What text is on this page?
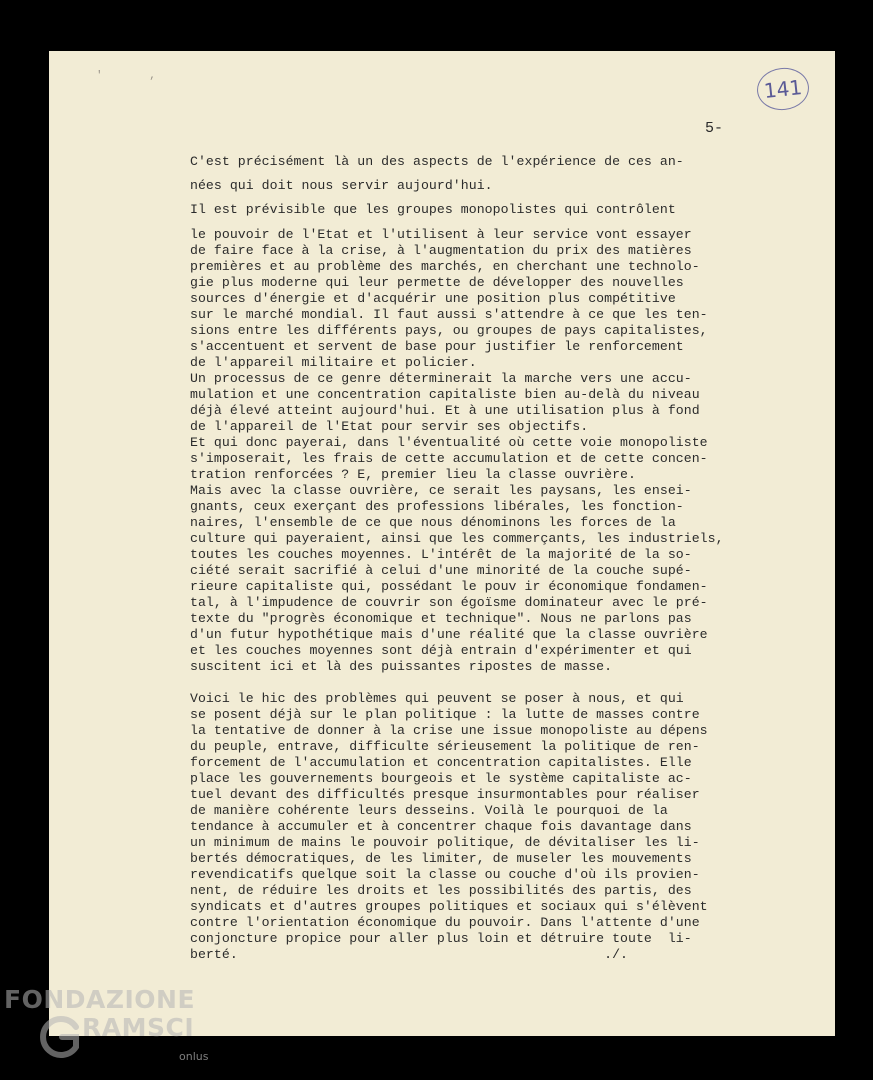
' ,	141
5-
C'est précisément là un des aspects de l'expérience de ces an-
nées qui doit nous servir aujourd'hui.
Il est prévisible que les groupes monopolistes qui contrôlent
le pouvoir de l'Etat et l'utilisent à leur service vont essayer
de faire face à la crise, à l'augmentation du prix des matières
premières et au problème des marchés, en cherchant une technolo-
gie plus moderne qui leur permette de développer des nouvelles
sources d'énergie et d'acquérir une position plus compétitive
sur le marché mondial. Il faut aussi s'attendre à ce que les ten-
sions entre les différents pays, ou groupes de pays capitalistes,
s'accentuent et servent de base pour justifier le renforcement
de l'appareil militaire et policier.
Un processus de ce genre déterminerait la marche vers une accu-
mulation et une concentration capitaliste bien au-delà du niveau
déjà élevé atteint aujourd'hui. Et à une utilisation plus à fond
de l'appareil de l'Etat pour servir ses objectifs.
Et qui donc payerai, dans l'éventualité où cette voie monopoliste
s'imposerait, les frais de cette accumulation et de cette concen-
tration renforcées ? E, premier lieu la classe ouvrière.
Mais avec la classe ouvrière, ce serait les paysans, les ensei-
gnants, ceux exerçant des professions libérales, les fonction-
naires, l'ensemble de ce que nous dénominons les forces de la
culture qui payeraient, ainsi que les commerçants, les industriels,
toutes les couches moyennes. L'intérêt de la majorité de la so-
ciété serait sacrifié à celui d'une minorité de la couche supé-
rieure capitaliste qui, possédant le pouv ir économique fondamen-
tal, à l'impudence de couvrir son égoïsme dominateur avec le pré-
texte du "progrès économique et technique". Nous ne parlons pas
d'un futur hypothétique mais d'une réalité que la classe ouvrière
et les couches moyennes sont déjà entrain d'expérimenter et qui
suscitent ici et là des puissantes ripostes de masse.
Voici le hic des problèmes qui peuvent se poser à nous, et qui
se posent déjà sur le plan politique : la lutte de masses contre
la tentative de donner à la crise une issue monopoliste au dépens
du peuple, entrave, difficulte sérieusement la politique de ren-
forcement de l'accumulation et concentration capitalistes. Elle
place les gouvernements bourgeois et le système capitaliste ac-
tuel devant des difficultés presque insurmontables pour réaliser
de manière cohérente leurs desseins. Voilà le pourquoi de la
tendance à accumuler et à concentrer chaque fois davantage dans
un minimum de mains le pouvoir politique, de dévitaliser les li-
bertés démocratiques, de les limiter, de museler les mouvements
revendicatifs quelque soit la classe ou couche d'où ils provien-
nent, de réduire les droits et les possibilités des partis, des
syndicats et d'autres groupes politiques et sociaux qui s'élèvent
contre l'orientation économique du pouvoir. Dans l'attente d'une
conjoncture propice pour aller plus loin et détruire toute  li-
berté.                                              ./.
FONDAZIONE
RAMSCI
onlus
